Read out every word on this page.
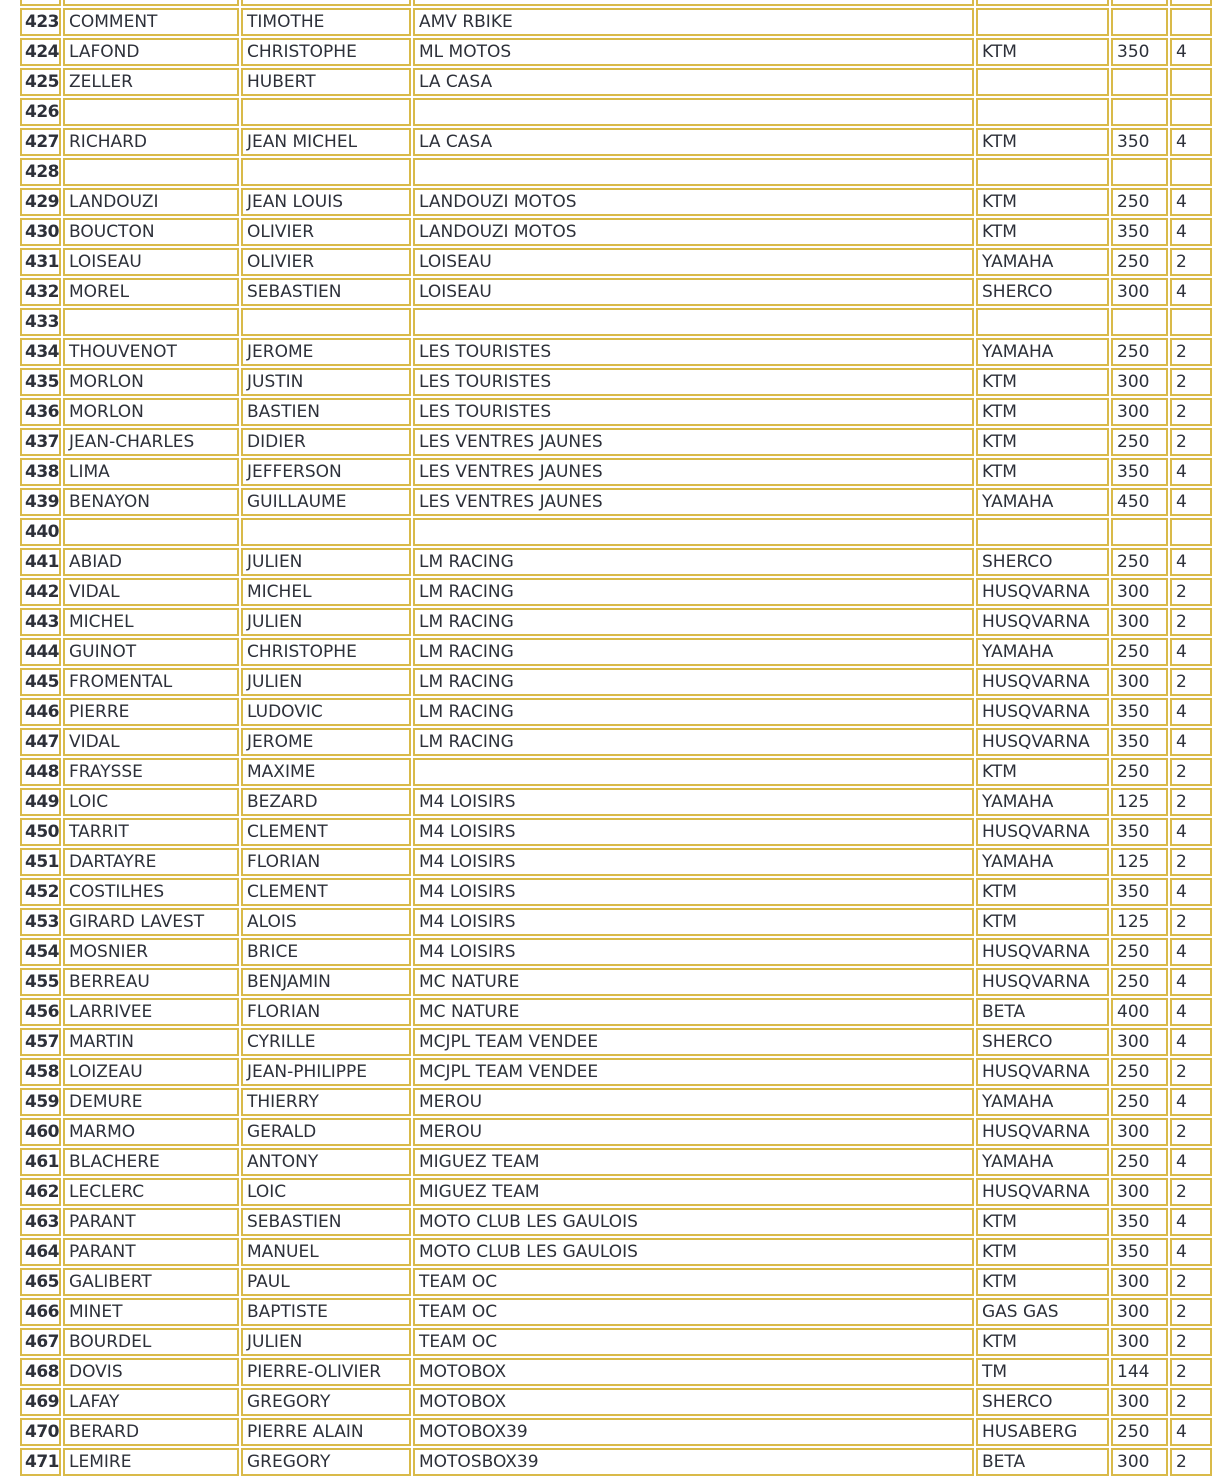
423	COMMENT	TIMOTHE	AMV RBIKE			
424	LAFOND	CHRISTOPHE	ML MOTOS	KTM	350	4
425	ZELLER	HUBERT	LA CASA			
426						
427	RICHARD	JEAN MICHEL	LA CASA	KTM	350	4
428						
429	LANDOUZI	JEAN LOUIS	LANDOUZI MOTOS	KTM	250	4
430	BOUCTON	OLIVIER	LANDOUZI MOTOS	KTM	350	4
431	LOISEAU	OLIVIER	LOISEAU	YAMAHA	250	2
432	MOREL	SEBASTIEN	LOISEAU	SHERCO	300	4
433						
434	THOUVENOT	JEROME	LES TOURISTES	YAMAHA	250	2
435	MORLON	JUSTIN	LES TOURISTES	KTM	300	2
436	MORLON	BASTIEN	LES TOURISTES	KTM	300	2
437	JEAN-CHARLES	DIDIER	LES VENTRES JAUNES	KTM	250	2
438	LIMA	JEFFERSON	LES VENTRES JAUNES	KTM	350	4
439	BENAYON	GUILLAUME	LES VENTRES JAUNES	YAMAHA	450	4
440						
441	ABIAD	JULIEN	LM RACING	SHERCO	250	4
442	VIDAL	MICHEL	LM RACING	HUSQVARNA	300	2
443	MICHEL	JULIEN	LM RACING	HUSQVARNA	300	2
444	GUINOT	CHRISTOPHE	LM RACING	YAMAHA	250	4
445	FROMENTAL	JULIEN	LM RACING	HUSQVARNA	300	2
446	PIERRE	LUDOVIC	LM RACING	HUSQVARNA	350	4
447	VIDAL	JEROME	LM RACING	HUSQVARNA	350	4
448	FRAYSSE	MAXIME		KTM	250	2
449	LOIC	BEZARD	M4 LOISIRS	YAMAHA	125	2
450	TARRIT	CLEMENT	M4 LOISIRS	HUSQVARNA	350	4
451	DARTAYRE	FLORIAN	M4 LOISIRS	YAMAHA	125	2
452	COSTILHES	CLEMENT	M4 LOISIRS	KTM	350	4
453	GIRARD LAVEST	ALOIS	M4 LOISIRS	KTM	125	2
454	MOSNIER	BRICE	M4 LOISIRS	HUSQVARNA	250	4
455	BERREAU	BENJAMIN	MC NATURE	HUSQVARNA	250	4
456	LARRIVEE	FLORIAN	MC NATURE	BETA	400	4
457	MARTIN	CYRILLE	MCJPL TEAM VENDEE	SHERCO	300	4
458	LOIZEAU	JEAN-PHILIPPE	MCJPL TEAM VENDEE	HUSQVARNA	250	2
459	DEMURE	THIERRY	MEROU	YAMAHA	250	4
460	MARMO	GERALD	MEROU	HUSQVARNA	300	2
461	BLACHERE	ANTONY	MIGUEZ TEAM	YAMAHA	250	4
462	LECLERC	LOIC	MIGUEZ TEAM	HUSQVARNA	300	2
463	PARANT	SEBASTIEN	MOTO CLUB LES GAULOIS	KTM	350	4
464	PARANT	MANUEL	MOTO CLUB LES GAULOIS	KTM	350	4
465	GALIBERT	PAUL	TEAM OC	KTM	300	2
466	MINET	BAPTISTE	TEAM OC	GAS GAS	300	2
467	BOURDEL	JULIEN	TEAM OC	KTM	300	2
468	DOVIS	PIERRE-OLIVIER	MOTOBOX	TM	144	2
469	LAFAY	GREGORY	MOTOBOX	SHERCO	300	2
470	BERARD	PIERRE ALAIN	MOTOBOX39	HUSABERG	250	4
471	LEMIRE	GREGORY	MOTOSBOX39	BETA	300	2
